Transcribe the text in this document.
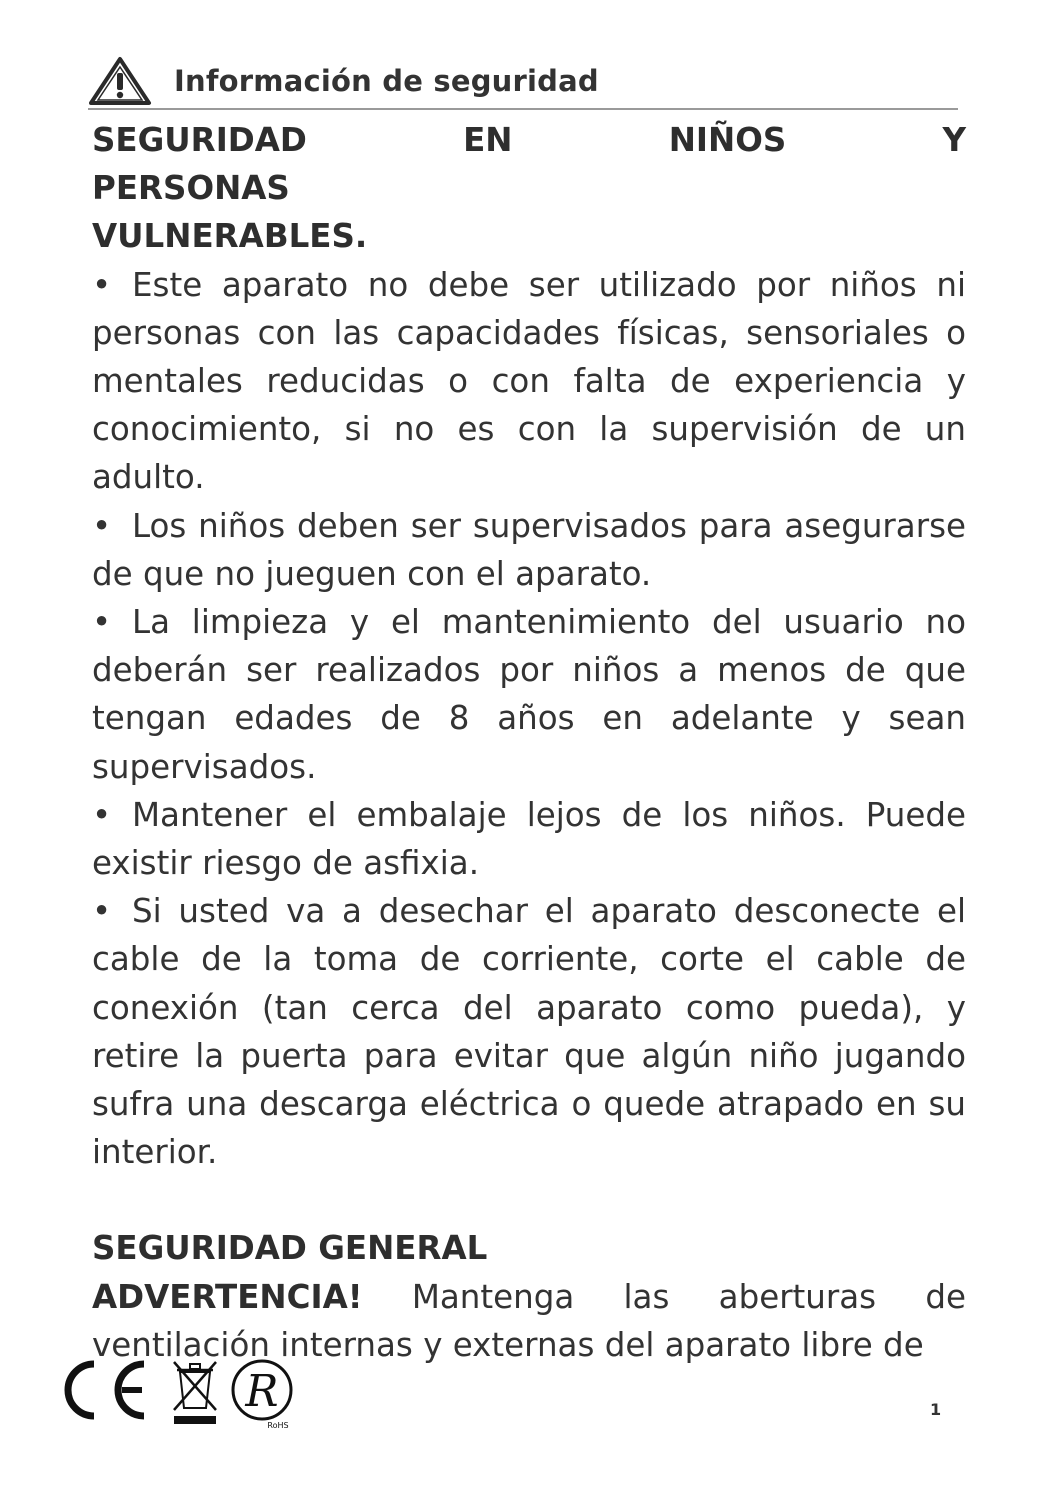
Información de seguridad

SEGURIDAD EN NIÑOS Y PERSONAS

VULNERABLES.

• Este aparato no debe ser utilizado por niños ni personas con las capacidades físicas, sensoriales o mentales reducidas o con falta de experiencia y conocimiento, si no es con la supervisión de un adulto.

• Los niños deben ser supervisados para asegurarse de que no jueguen con el aparato.

• La limpieza y el mantenimiento del usuario no deberán ser realizados por niños a menos de que tengan edades de 8 años en adelante y sean supervisados.

• Mantener el embalaje lejos de los niños. Puede existir riesgo de asfixia.

• Si usted va a desechar el aparato desconecte el cable de la toma de corriente, corte el cable de conexión (tan cerca del aparato como pueda), y retire la puerta para evitar que algún niño jugando sufra una descarga eléctrica o quede atrapado en su interior.

SEGURIDAD GENERAL

ADVERTENCIA! Mantenga las aberturas de ventilación internas y externas del aparato libre de

R
RoHS
1
